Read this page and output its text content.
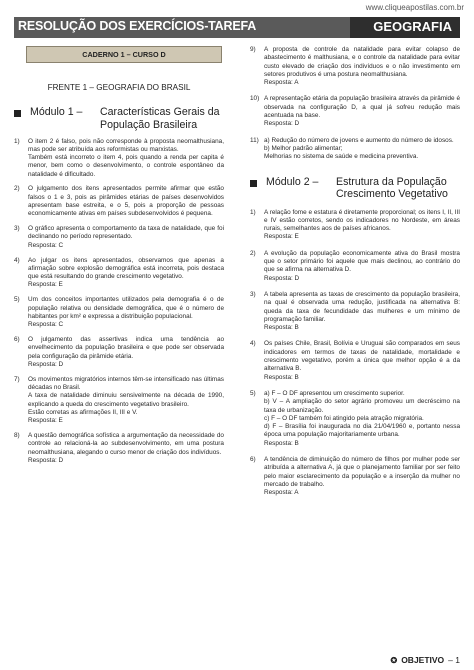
www.cliqueapostilas.com.br
RESOLUÇÃO DOS EXERCÍCIOS-TAREFA	GEOGRAFIA
CADERNO 1 – CURSO D
FRENTE 1 – GEOGRAFIA DO BRASIL
Módulo 1 – Características Gerais da
População Brasileira
1)	O item 2 é falso, pois não corresponde à proposta neomalthusiana, mas pode ser atribuída aos reformistas ou marxistas.
Também está incorreto o item 4, pois quando a renda per capita é menor, bem como o desenvolvimento, o controle espontâneo da natalidade é dificultado.
2)	O julgamento dos itens apresentados permite afirmar que estão falsos o 1 e 3, pois as pirâmides etárias de países desenvolvidos apresentam base estreita, e o 5, pois a proporção de pessoas economicamente ativas em países subdesenvolvidos é pequena.
3)	O gráfico apresenta o comportamento da taxa de natalidade, que foi declinando no período representado.
Resposta: C
4)	Ao julgar os itens apresentados, observamos que apenas a afirmação sobre explosão demográfica está incorreta, pois destaca que está resultando do grande crescimento vegetativo.
Resposta: E
5)	Um dos conceitos importantes utilizados pela demografia é o de população relativa ou densidade demográfica, que é o número de habitantes por km² e expressa a distribuição populacional.
Resposta: C
6)	O julgamento das assertivas indica uma tendência ao envelhecimento da população brasileira e que pode ser observada pela configuração da pirâmide etária.
Resposta: D
7)	Os movimentos migratórios internos têm-se intensificado nas últimas décadas no Brasil.
A taxa de natalidade diminuiu sensivelmente na década de 1990, explicando a queda do crescimento vegetativo brasileiro.
Estão corretas as afirmações II, III e V.
Resposta: E
8)	A questão demográfica sofística a argumentação da necessidade do controle ao relacioná-la ao subdesenvolvimento, em uma postura neomalthusiana, alegando o curso menor de criação dos indivíduos.
Resposta: D
9)	A proposta de controle da natalidade para evitar colapso de abastecimento é malthusiana, e o controle da natalidade para evitar custo elevado de criação dos indivíduos e o não investimento em setores produtivos é uma postura neomalthusiana.
Resposta: A
10) A representação etária da população brasileira através da pirâmide é observada na configuração D, a qual já sofreu redução mais acentuada na base.
Resposta: D
11) a) Redução do número de jovens e aumento do número de idosos.
b) Melhor padrão alimentar;
Melhorias no sistema de saúde e medicina preventiva.
Módulo 2 – Estrutura da População
Crescimento Vegetativo
1)	A relação fome e estatura é diretamente proporcional; os itens I, II, III e IV estão corretos, sendo os indicadores no Nordeste, em áreas rurais, semelhantes aos de países africanos.
Resposta: E
2)	A evolução da população economicamente ativa do Brasil mostra que o setor primário foi aquele que mais declinou, ao contrário do que se afirma na alternativa D.
Resposta: D
3)	A tabela apresenta as taxas de crescimento da população brasileira, na qual é observada uma redução, justificada na alternativa B: queda da taxa de fecundidade das mulheres e um mínimo de programação familiar.
Resposta: B
4)	Os países Chile, Brasil, Bolívia e Uruguai são comparados em seus indicadores em termos de taxas de natalidade, mortalidade e crescimento vegetativo, porém a única que melhor opção é a da alternativa B.
Resposta: B
5)	a) F – O DF apresentou um crescimento superior.
b) V – A ampliação do setor agrário promoveu um decréscimo na taxa de urbanização.
c) F – O DF também foi atingido pela atração migratória.
d) F – Brasília foi inaugurada no dia 21/04/1960 e, portanto nessa época uma população majoritariamente urbana.
Resposta: B
6)	A tendência de diminuição do número de filhos por mulher pode ser atribuída a alternativa A, já que o planejamento familiar por ser feito pelo maior esclarecimento da população e a inserção da mulher no mercado de trabalho.
Resposta: A
✪ OBJETIVO – 1
